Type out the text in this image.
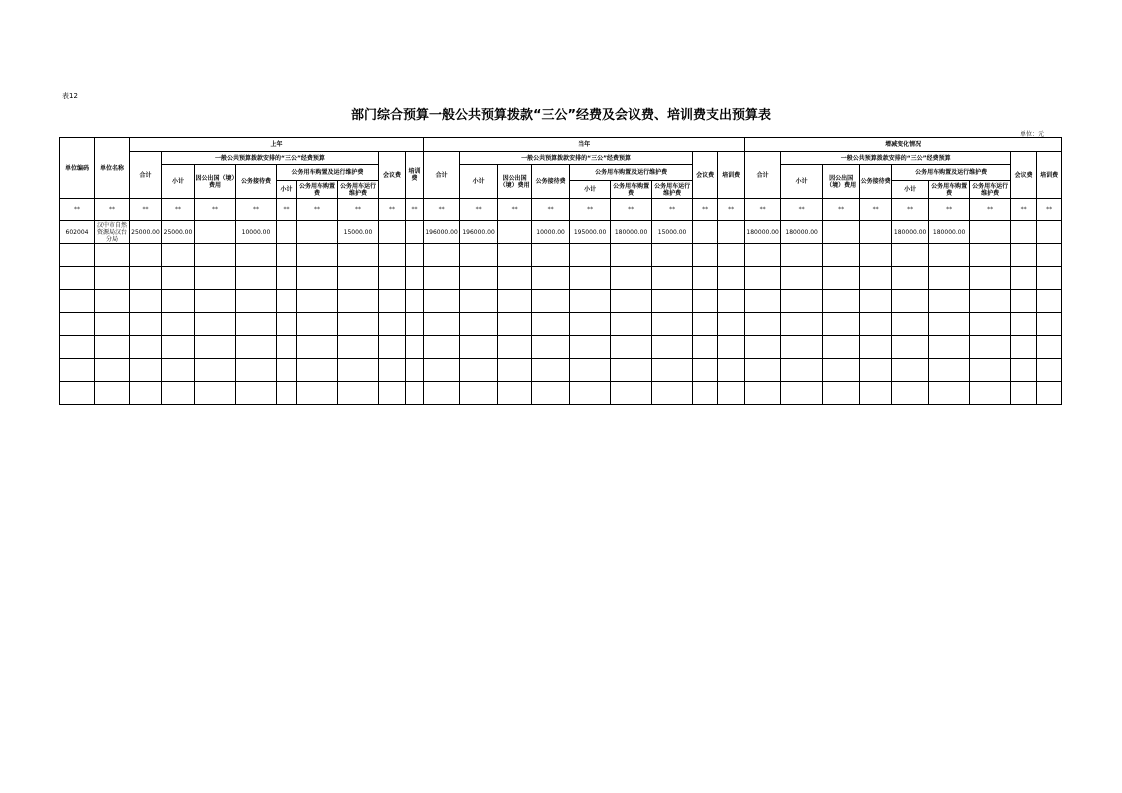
表12
部门综合预算一般公共预算拨款“三公”经费及会议费、培训费支出预算表
单位：元
单位编码	单位名称	上年									当年									增减变化情况								
		合计	一般公共预算拨款安排的“三公”经费预算						会议费	培训费	合计	一般公共预算拨款安排的“三公”经费预算						会议费	培训费	合计	一般公共预算拨款安排的“三公”经费预算						会议费	培训费
			小计	因公出国（境）费用	公务接待费	公务用车购置及运行维护费						小计	因公出国（境）费用	公务接待费	公务用车购置及运行维护费						小计	因公出国（境）费用	公务接待费	公务用车购置及运行维护费				
						小计	公务用车购置费	公务用车运行维护费							小计	公务用车购置费	公务用车运行维护费							小计	公务用车购置费	公务用车运行维护费		
**	**	**	**	**	**	**	**	**	**	**	**	**	**	**	**	**	**	**	**	**	**	**	**	**	**	**	**	**
602004	汉中市自然资源局汉台分局	25000.00	25000.00		10000.00			15000.00			196000.00	196000.00		10000.00	195000.00	180000.00	15000.00			180000.00	180000.00			180000.00	180000.00			
